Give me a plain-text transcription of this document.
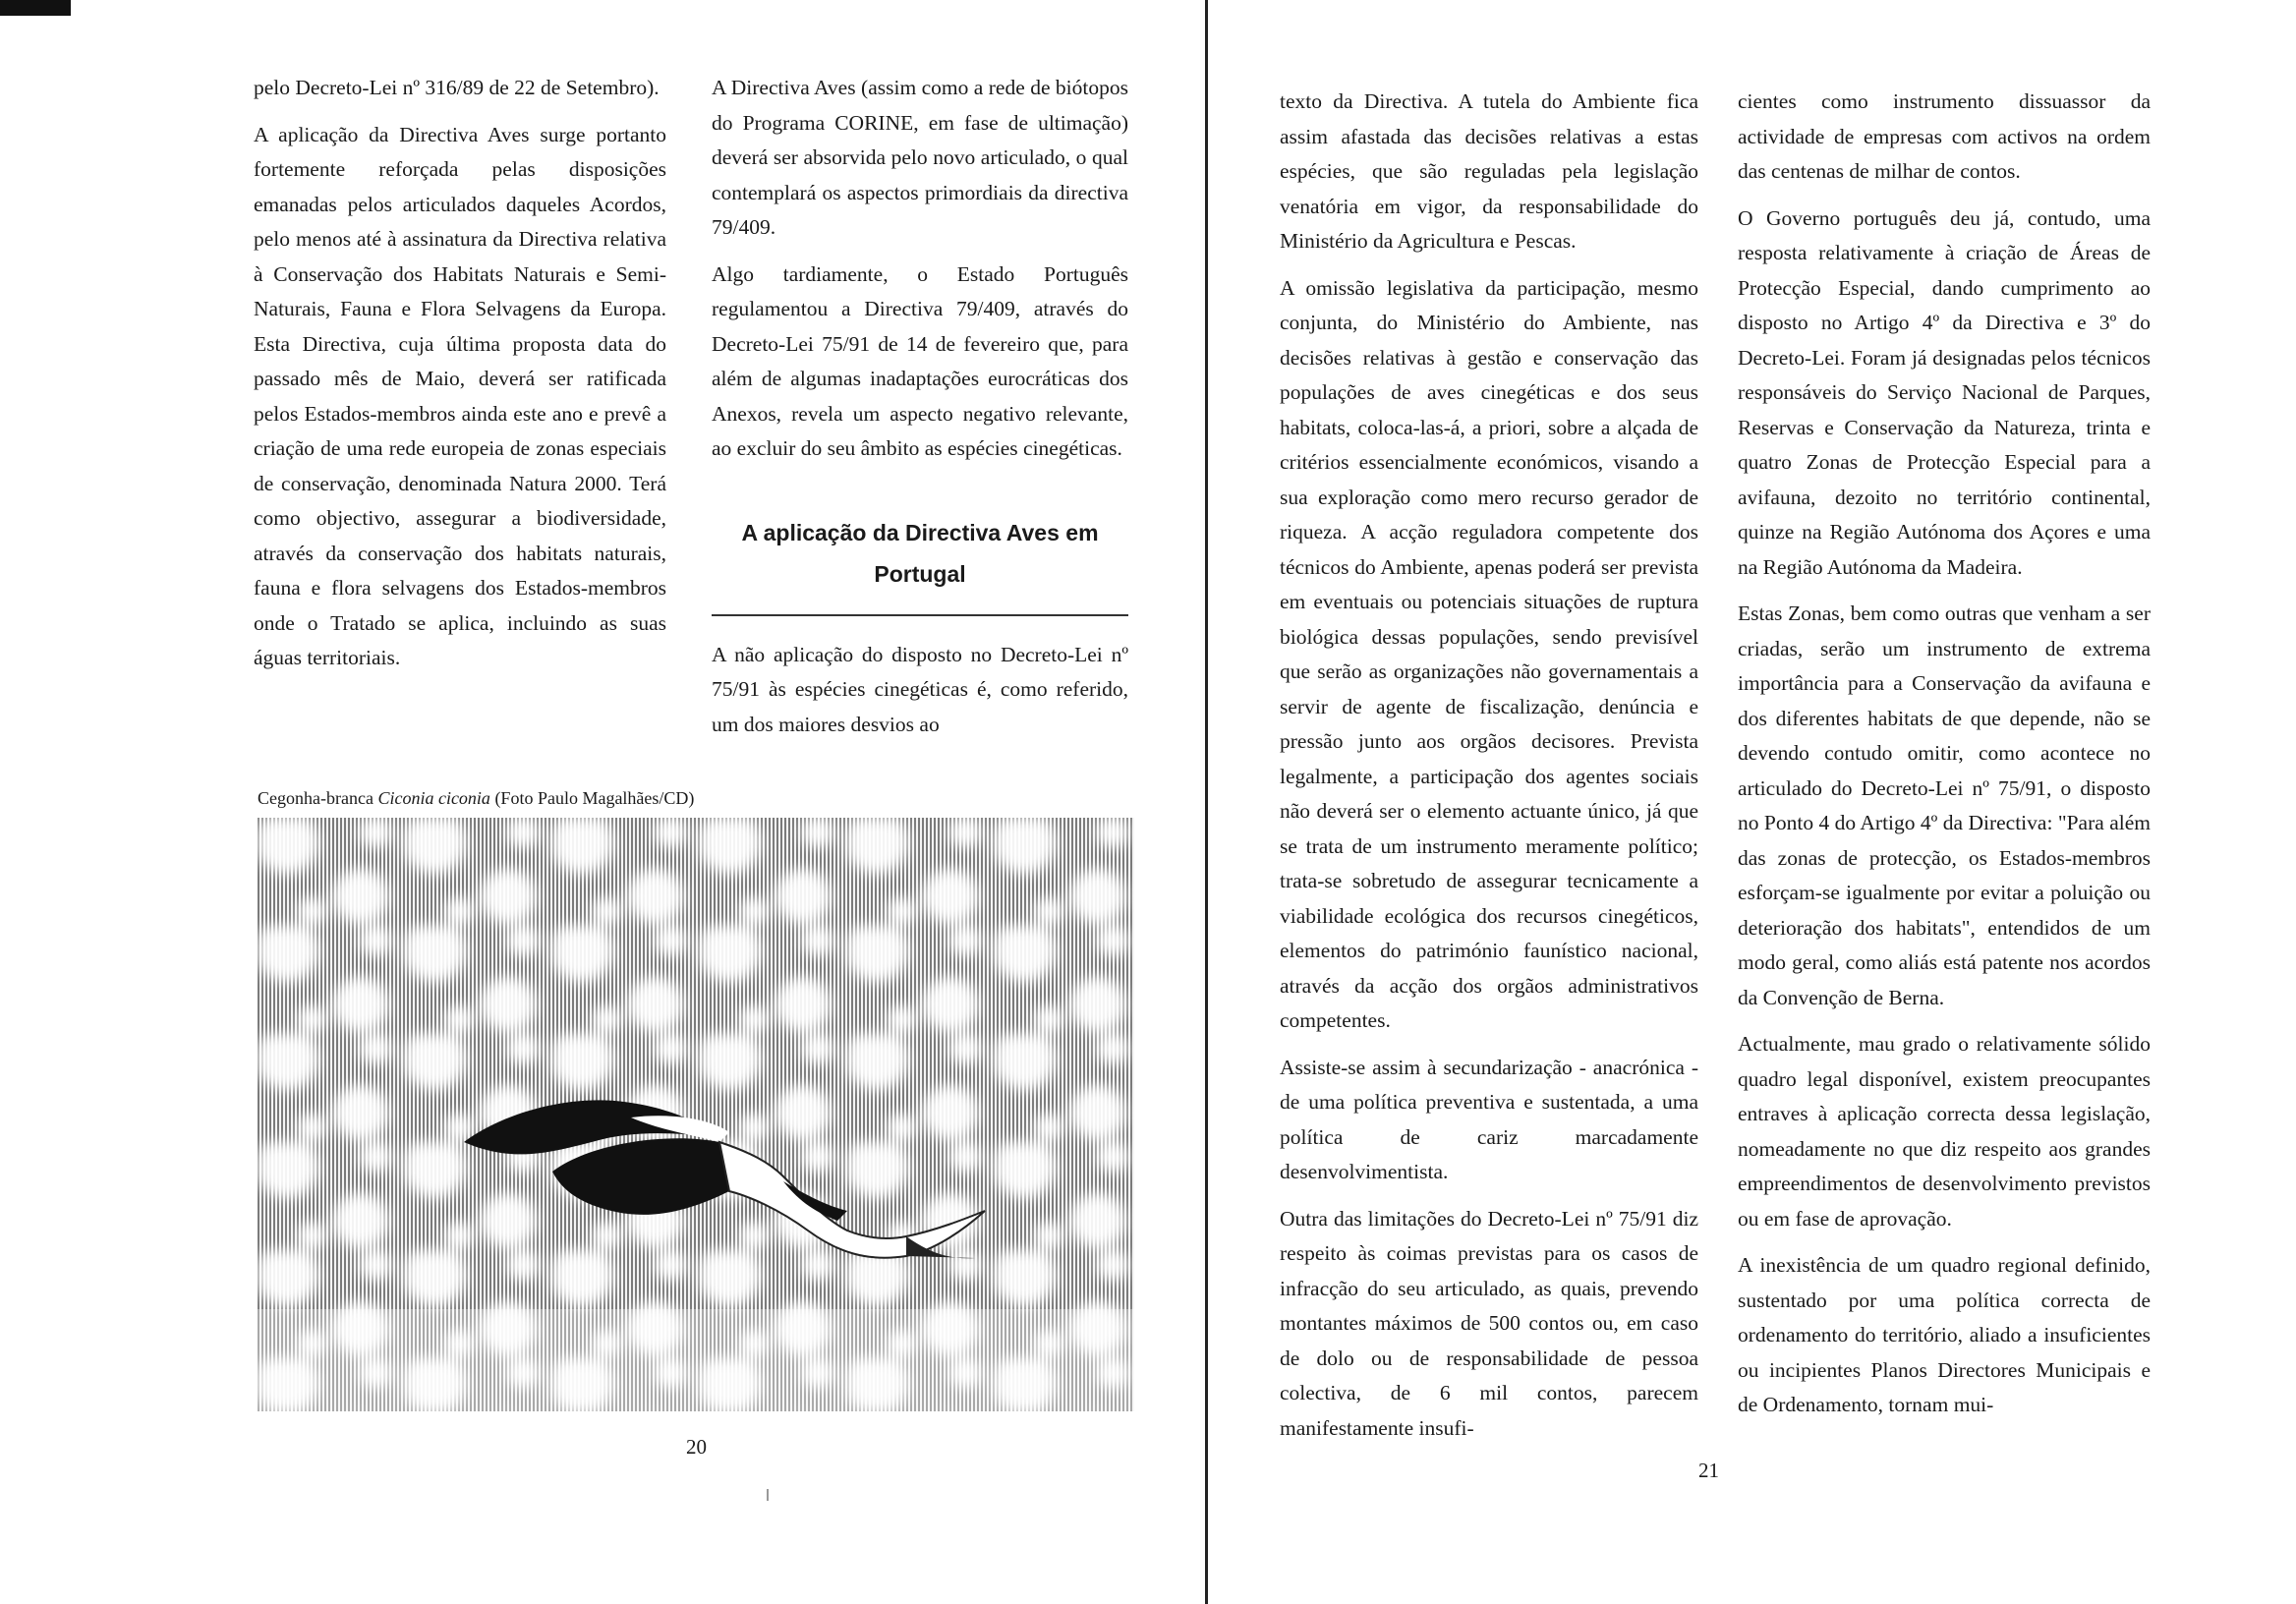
pelo Decreto-Lei nº 316/89 de 22 de Setembro).

A aplicação da Directiva Aves surge portanto fortemente reforçada pelas disposições emanadas pelos articulados daqueles Acordos, pelo menos até à assinatura da Directiva relativa à Conservação dos Habitats Naturais e Semi-Naturais, Fauna e Flora Selvagens da Europa. Esta Directiva, cuja última proposta data do passado mês de Maio, deverá ser ratificada pelos Estados-membros ainda este ano e prevê a criação de uma rede europeia de zonas especiais de conservação, denominada Natura 2000. Terá como objectivo, assegurar a biodiversidade, através da conservação dos habitats naturais, fauna e flora selvagens dos Estados-membros onde o Tratado se aplica, incluindo as suas águas territoriais.

A Directiva Aves (assim como a rede de biótopos do Programa CORINE, em fase de ultimação) deverá ser absorvida pelo novo articulado, o qual contemplará os aspectos primordiais da directiva 79/409.

Algo tardiamente, o Estado Português regulamentou a Directiva 79/409, através do Decreto-Lei 75/91 de 14 de fevereiro que, para além de algumas inadaptações eurocráticas dos Anexos, revela um aspecto negativo relevante, ao excluir do seu âmbito as espécies cinegéticas.

A aplicação da Directiva Aves em Portugal

A não aplicação do disposto no Decreto-Lei nº 75/91 às espécies cinegéticas é, como referido, um dos maiores desvios ao

Cegonha-branca Ciconia ciconia (Foto Paulo Magalhães/CD)
20

texto da Directiva. A tutela do Ambiente fica assim afastada das decisões relativas a estas espécies, que são reguladas pela legislação venatória em vigor, da responsabilidade do Ministério da Agricultura e Pescas.

A omissão legislativa da participação, mesmo conjunta, do Ministério do Ambiente, nas decisões relativas à gestão e conservação das populações de aves cinegéticas e dos seus habitats, coloca-las-á, a priori, sobre a alçada de critérios essencialmente económicos, visando a sua exploração como mero recurso gerador de riqueza. A acção reguladora competente dos técnicos do Ambiente, apenas poderá ser prevista em eventuais ou potenciais situações de ruptura biológica dessas populações, sendo previsível que serão as organizações não governamentais a servir de agente de fiscalização, denúncia e pressão junto aos orgãos decisores. Prevista legalmente, a participação dos agentes sociais não deverá ser o elemento actuante único, já que se trata de um instrumento meramente político; trata-se sobretudo de assegurar tecnicamente a viabilidade ecológica dos recursos cinegéticos, elementos do património faunístico nacional, através da acção dos orgãos administrativos competentes.

Assiste-se assim à secundarização - anacrónica - de uma política preventiva e sustentada, a uma política de cariz marcadamente desenvolvimentista.

Outra das limitações do Decreto-Lei nº 75/91 diz respeito às coimas previstas para os casos de infracção do seu articulado, as quais, prevendo montantes máximos de 500 contos ou, em caso de dolo ou de responsabilidade de pessoa colectiva, de 6 mil contos, parecem manifestamente insufi-

cientes como instrumento dissuassor da actividade de empresas com activos na ordem das centenas de milhar de contos.

O Governo português deu já, contudo, uma resposta relativamente à criação de Áreas de Protecção Especial, dando cumprimento ao disposto no Artigo 4º da Directiva e 3º do Decreto-Lei. Foram já designadas pelos técnicos responsáveis do Serviço Nacional de Parques, Reservas e Conservação da Natureza, trinta e quatro Zonas de Protecção Especial para a avifauna, dezoito no território continental, quinze na Região Autónoma dos Açores e uma na Região Autónoma da Madeira.

Estas Zonas, bem como outras que venham a ser criadas, serão um instrumento de extrema importância para a Conservação da avifauna e dos diferentes habitats de que depende, não se devendo contudo omitir, como acontece no articulado do Decreto-Lei nº 75/91, o disposto no Ponto 4 do Artigo 4º da Directiva: "Para além das zonas de protecção, os Estados-membros esforçam-se igualmente por evitar a poluição ou deterioração dos habitats", entendidos de um modo geral, como aliás está patente nos acordos da Convenção de Berna.

Actualmente, mau grado o relativamente sólido quadro legal disponível, existem preocupantes entraves à aplicação correcta dessa legislação, nomeadamente no que diz respeito aos grandes empreendimentos de desenvolvimento previstos ou em fase de aprovação.

A inexistência de um quadro regional definido, sustentado por uma política correcta de ordenamento do território, aliado a insuficientes ou incipientes Planos Directores Municipais e de Ordenamento, tornam mui-

21
